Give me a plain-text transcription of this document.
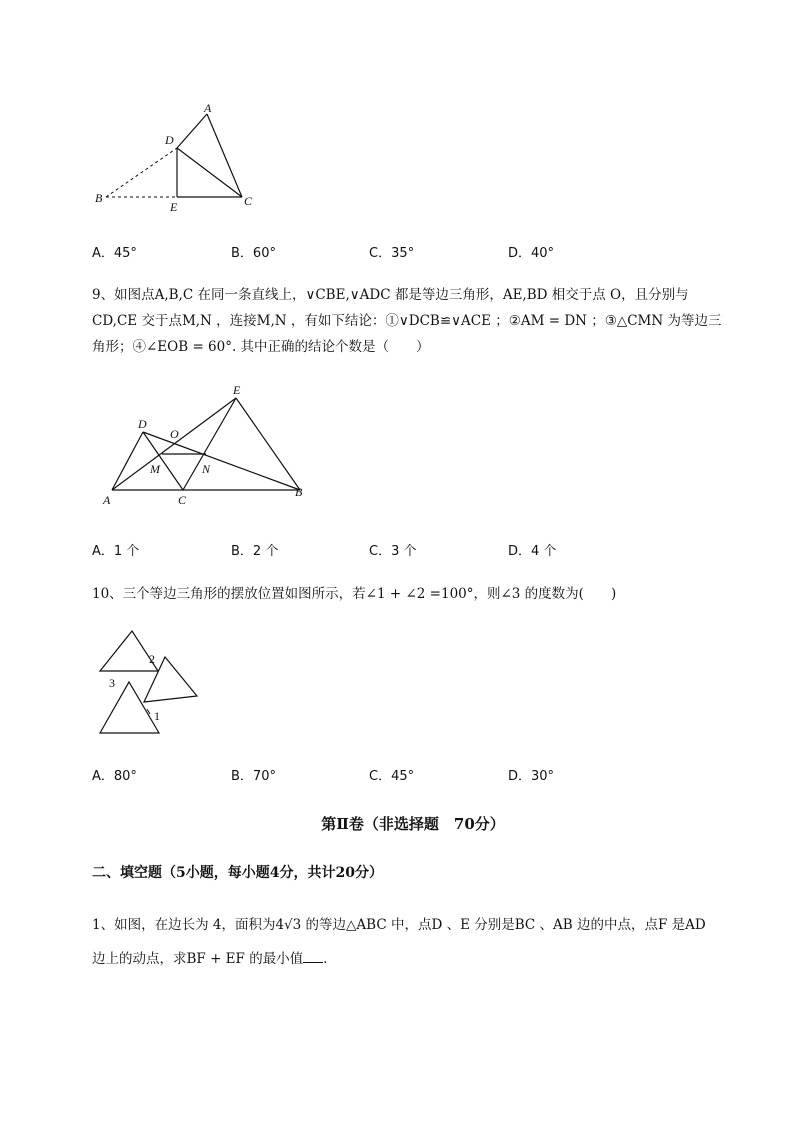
A
D
B
E	C
A．45°	B．60°	C．35°	D．40°
9、如图点A,B,C 在同一条直线上，∨CBE,∨ADC 都是等边三角形，AE,BD 相交于点 O，且分别与
CD,CE 交于点M,N ，连接M,N ，有如下结论：①∨DCB≌∨ACE ；②AM = DN ；③△CMN 为等边三
角形；④∠EOB = 60°. 其中正确的结论个数是（　　）
E
D
O
M	N
A	C
B
A．1 个	B．2 个	C．3 个	D．4 个
10、三个等边三角形的摆放位置如图所示，若∠1 + ∠2 =100°，则∠3 的度数为(　　)
2
3
1
A．80°	B．70°	C．45°	D．30°
第Ⅱ卷（非选择题　70分）
二、填空题（5小题，每小题4分，共计20分）
1、如图，在边长为 4，面积为4√3 的等边△ABC 中，点D 、E 分别是BC 、AB 边的中点，点F 是AD
边上的动点，求BF + EF 的最小值 ．
